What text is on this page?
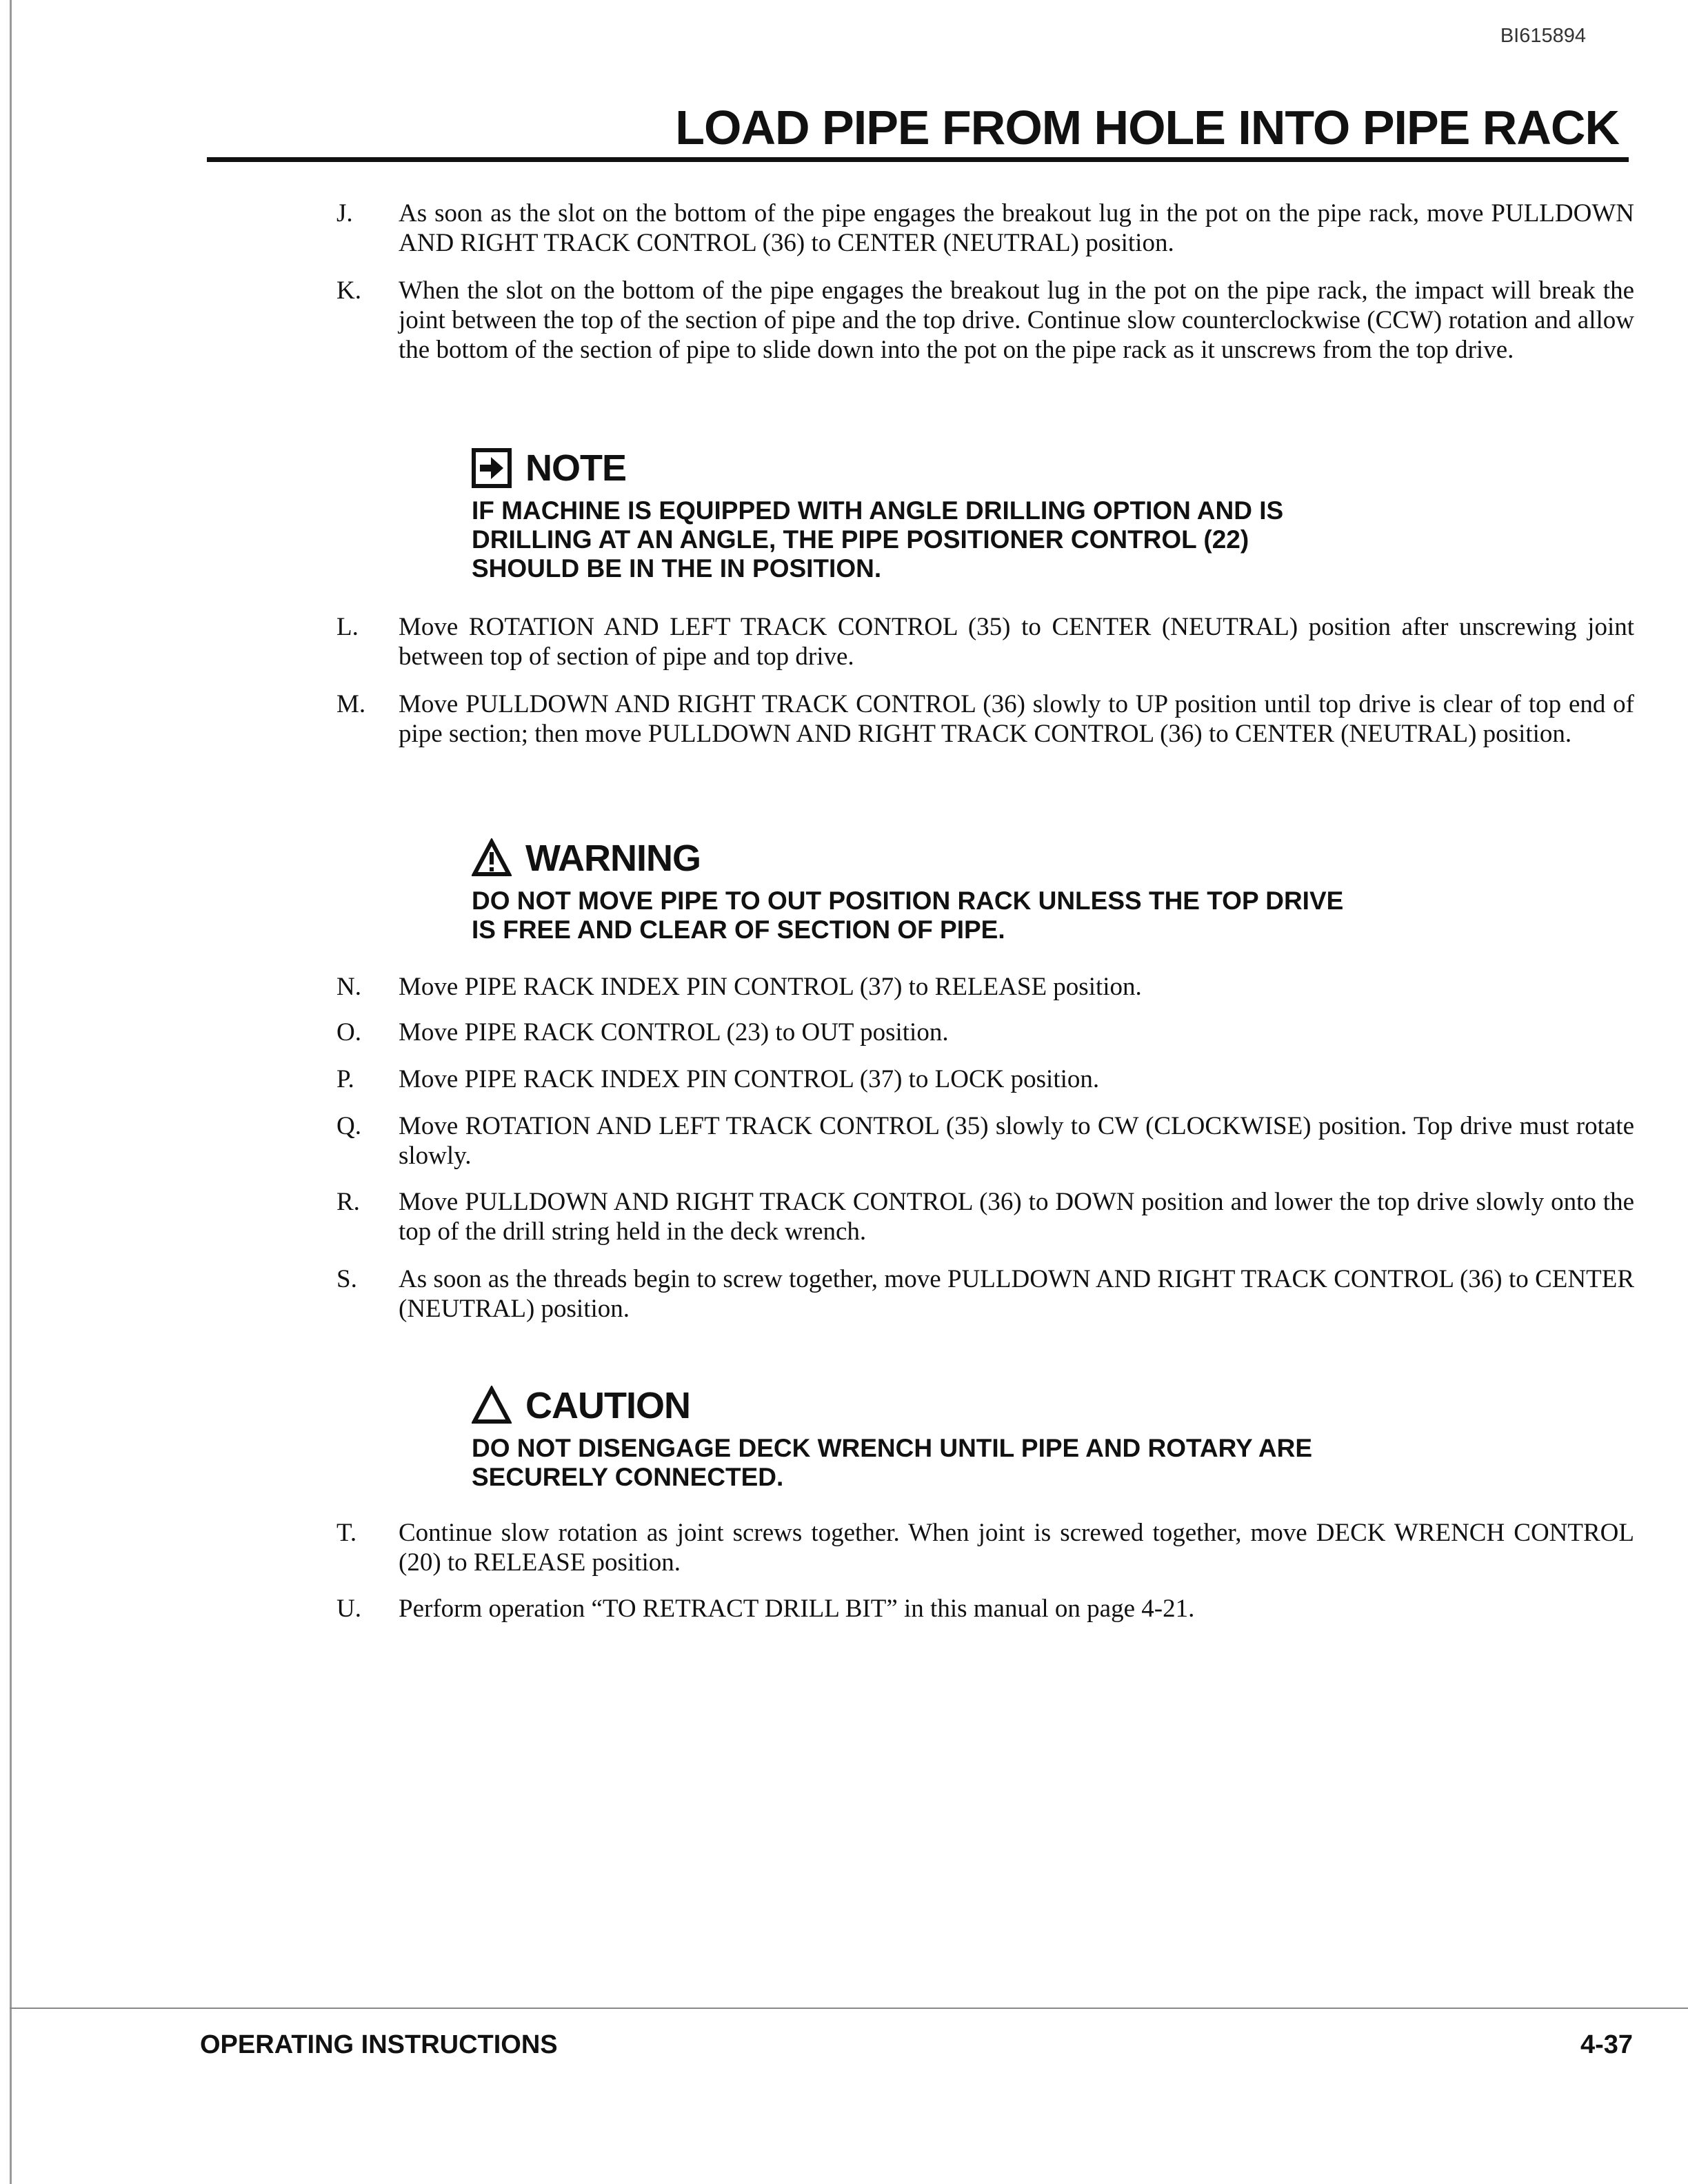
BI615894
LOAD PIPE FROM HOLE INTO PIPE RACK
J.	As soon as the slot on the bottom of the pipe engages the breakout lug in the pot on the pipe rack, move PULLDOWN AND RIGHT TRACK CONTROL (36) to CENTER (NEUTRAL) position.
K.	When the slot on the bottom of the pipe engages the breakout lug in the pot on the pipe rack, the impact will break the joint between the top of the section of pipe and the top drive. Continue slow counterclockwise (CCW) rotation and allow the bottom of the section of pipe to slide down into the pot on the pipe rack as it unscrews from the top drive.
NOTE
IF MACHINE IS EQUIPPED WITH ANGLE DRILLING OPTION AND IS
DRILLING AT AN ANGLE, THE PIPE POSITIONER CONTROL (22)
SHOULD BE IN THE IN POSITION.
L.	Move ROTATION AND LEFT TRACK CONTROL (35) to CENTER (NEUTRAL) position after unscrewing joint between top of section of pipe and top drive.
M.	Move PULLDOWN AND RIGHT TRACK CONTROL (36) slowly to UP position until top drive is clear of top end of pipe section; then move PULLDOWN AND RIGHT TRACK CONTROL (36) to CENTER (NEUTRAL) position.
WARNING
DO NOT MOVE PIPE TO OUT POSITION RACK UNLESS THE TOP DRIVE
IS FREE AND CLEAR OF SECTION OF PIPE.
N.	Move PIPE RACK INDEX PIN CONTROL (37) to RELEASE position.
O.	Move PIPE RACK CONTROL (23) to OUT position.
P.	Move PIPE RACK INDEX PIN CONTROL (37) to LOCK position.
Q.	Move ROTATION AND LEFT TRACK CONTROL (35) slowly to CW (CLOCKWISE) position. Top drive must rotate slowly.
R.	Move PULLDOWN AND RIGHT TRACK CONTROL (36) to DOWN position and lower the top drive slowly onto the top of the drill string held in the deck wrench.
S.	As soon as the threads begin to screw together, move PULLDOWN AND RIGHT TRACK CONTROL (36) to CENTER (NEUTRAL) position.
CAUTION
DO NOT DISENGAGE DECK WRENCH UNTIL PIPE AND ROTARY ARE
SECURELY CONNECTED.
T.	Continue slow rotation as joint screws together. When joint is screwed together, move DECK WRENCH CONTROL (20) to RELEASE position.
U.	Perform operation “TO RETRACT DRILL BIT” in this manual on page 4-21.
OPERATING INSTRUCTIONS	4-37
